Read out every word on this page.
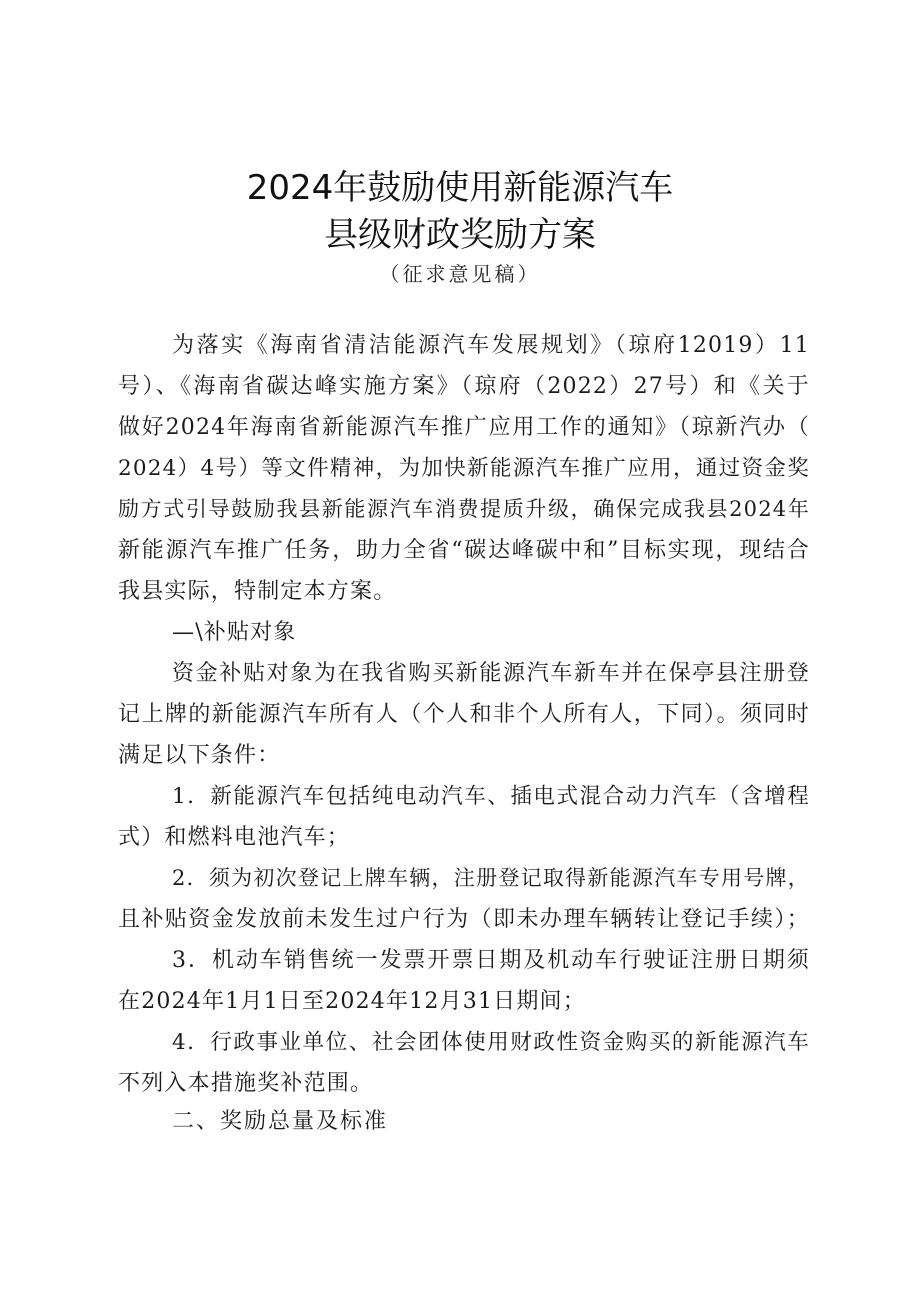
2024年鼓励使用新能源汽车
县级财政奖励方案
（征求意见稿）
为落实《海南省清洁能源汽车发展规划》（琼府12019）11
号）、《海南省碳达峰实施方案》（琼府（2022）27号）和《关于
做好2024年海南省新能源汽车推广应用工作的通知》（琼新汽办（
2024）4号）等文件精神，为加快新能源汽车推广应用，通过资金奖
励方式引导鼓励我县新能源汽车消费提质升级，确保完成我县2024年
新能源汽车推广任务，助力全省“碳达峰碳中和”目标实现，现结合
我县实际，特制定本方案。
—\补贴对象
资金补贴对象为在我省购买新能源汽车新车并在保亭县注册登
记上牌的新能源汽车所有人（个人和非个人所有人，下同）。须同时
满足以下条件：
1．新能源汽车包括纯电动汽车、插电式混合动力汽车（含增程
式）和燃料电池汽车；
2．须为初次登记上牌车辆，注册登记取得新能源汽车专用号牌，
且补贴资金发放前未发生过户行为（即未办理车辆转让登记手续）；
3．机动车销售统一发票开票日期及机动车行驶证注册日期须
在2024年1月1日至2024年12月31日期间；
4．行政事业单位、社会团体使用财政性资金购买的新能源汽车
不列入本措施奖补范围。
二、奖励总量及标准
